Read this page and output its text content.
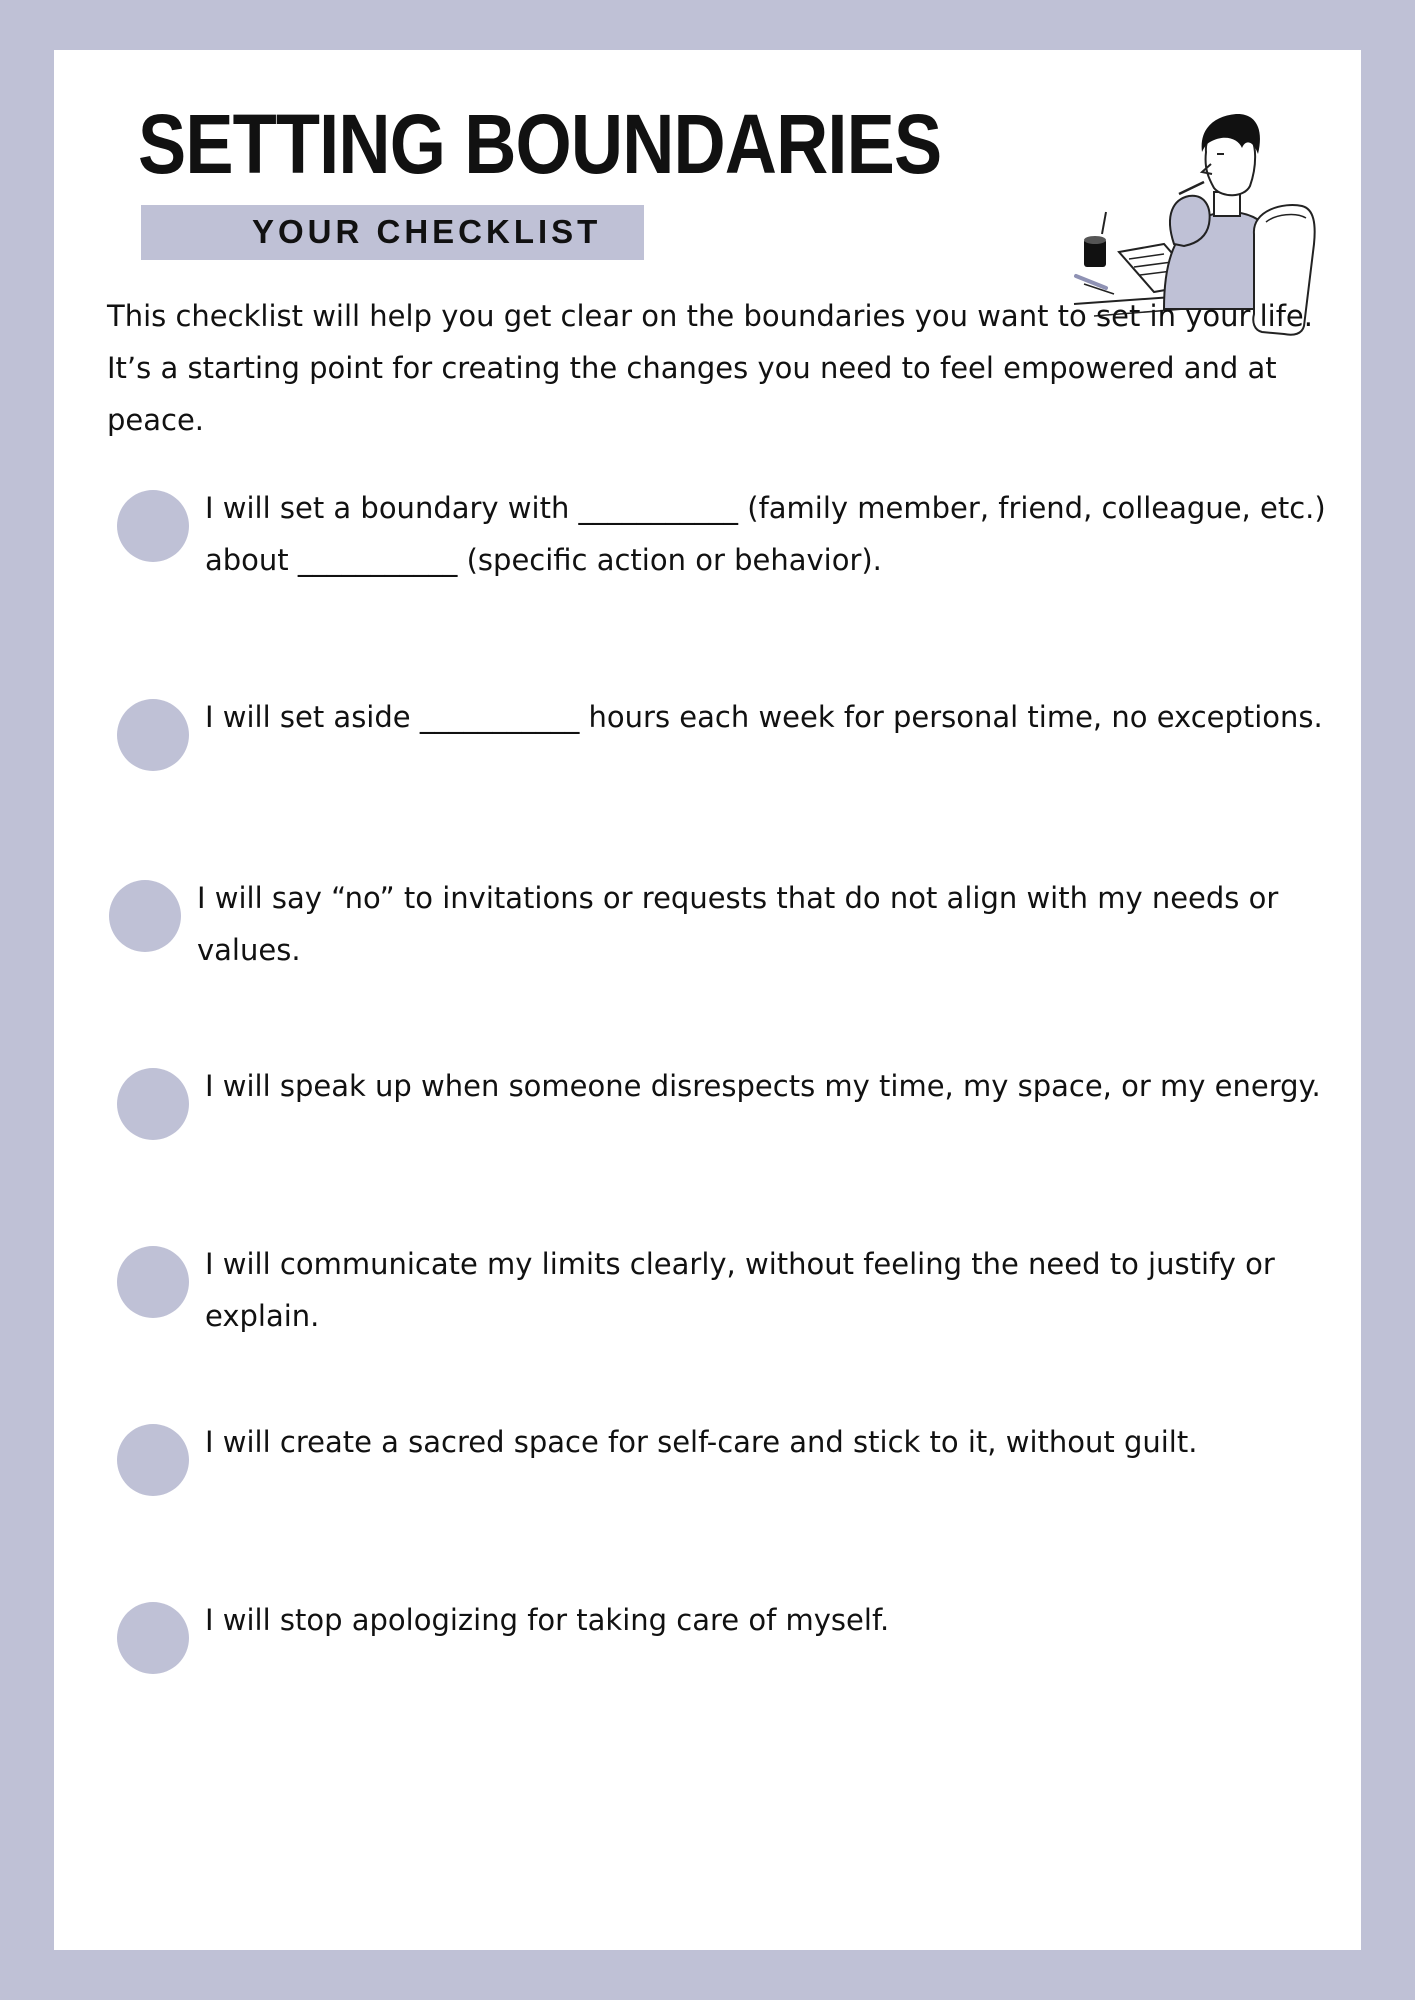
SETTING BOUNDARIES
YOUR CHECKLIST

This checklist will help you get clear on the boundaries you want to set in your life. It’s a starting point for creating the changes you need to feel empowered and at peace.

I will set a boundary with ___________ (family member, friend, colleague, etc.) about ___________ (specific action or behavior).

I will set aside ___________ hours each week for personal time, no exceptions.

I will say “no” to invitations or requests that do not align with my needs or values.

I will speak up when someone disrespects my time, my space, or my energy.

I will communicate my limits clearly, without feeling the need to justify or explain.

I will create a sacred space for self-care and stick to it, without guilt.

I will stop apologizing for taking care of myself.
